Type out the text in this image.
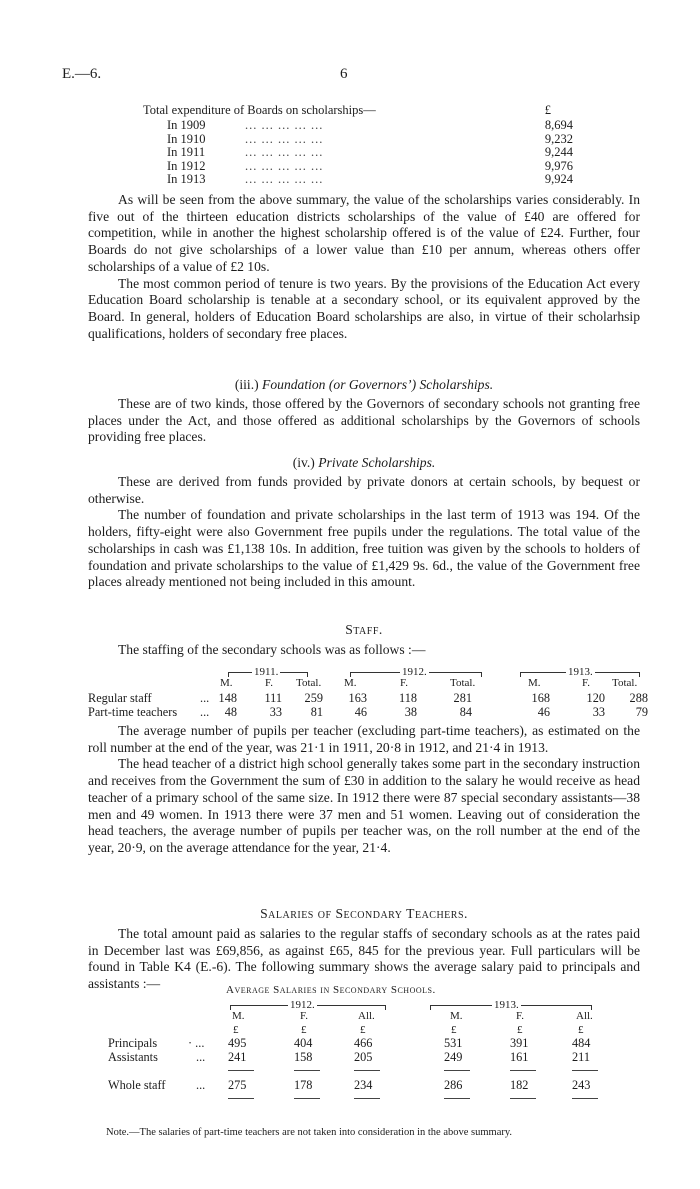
E.—6.	6
Total expenditure of Boards on scholarships—	£
In 1909	... ... ... ... ...	8,694
In 1910	... ... ... ... ...	9,232
In 1911	... ... ... ... ...	9,244
In 1912	... ... ... ... ...	9,976
In 1913	... ... ... ... ...	9,924

As will be seen from the above summary, the value of the scholarships varies considerably. In five out of the thirteen education districts scholarships of the value of £40 are offered for competition, while in another the highest scholarship offered is of the value of £24. Further, four Boards do not give scholarships of a lower value than £10 per annum, whereas others offer scholarships of a value of £2 10s.

The most common period of tenure is two years. By the provisions of the Education Act every Education Board scholarship is tenable at a secondary school, or its equivalent approved by the Board. In general, holders of Education Board scholarships are also, in virtue of their scholarhsip qualifications, holders of secondary free places.

(iii.) Foundation (or Governors’) Scholarships.

These are of two kinds, those offered by the Governors of secondary schools not granting free places under the Act, and those offered as additional scholarships by the Governors of schools providing free places.

(iv.) Private Scholarships.

These are derived from funds provided by private donors at certain schools, by bequest or otherwise.

The number of foundation and private scholarships in the last term of 1913 was 194. Of the holders, fifty-eight were also Government free pupils under the regulations. The total value of the scholarships in cash was £1,138 10s. In addition, free tuition was given by the schools to holders of foundation and private scholarships to the value of £1,429 9s. 6d., the value of the Government free places already mentioned not being included in this amount.

Staff.

The staffing of the secondary schools was as follows :—

1911.	1912.	1913.
M.	F. Total. M.	F.	Total.	M.	F. Total.
Regular staff	... 148 111 259 163	118	281	168	120 288
Part-time teachers ... 48	33 81	46	38	84	46	33 79

The average number of pupils per teacher (excluding part-time teachers), as estimated on the roll number at the end of the year, was 21·1 in 1911, 20·8 in 1912, and 21·4 in 1913.

The head teacher of a district high school generally takes some part in the secondary instruction and receives from the Government the sum of £30 in addition to the salary he would receive as head teacher of a primary school of the same size. In 1912 there were 87 special secondary assistants—38 men and 49 women. In 1913 there were 37 men and 51 women. Leaving out of consideration the head teachers, the average number of pupils per teacher was, on the roll number at the end of the year, 20·9, on the average attendance for the year, 21·4.

Salaries of Secondary Teachers.

The total amount paid as salaries to the regular staffs of secondary schools as at the rates paid in December last was £69,856, as against £65, 845 for the previous year. Full particulars will be found in Table K4 (E.-6). The following summary shows the average salary paid to principals and assistants :—	Average Salaries in Secondary Schools.
1912.	1913.
M.	F.	All.	M.	F.	All.
£	£	£	£	£	£
Principals	· ... 495	404	466	531	391	484
Assistants	... 241	158	205	249	161	211
Whole staff ... 275	178	234	286	182	243
Note.—The salaries of part-time teachers are not taken into consideration in the above summary.
